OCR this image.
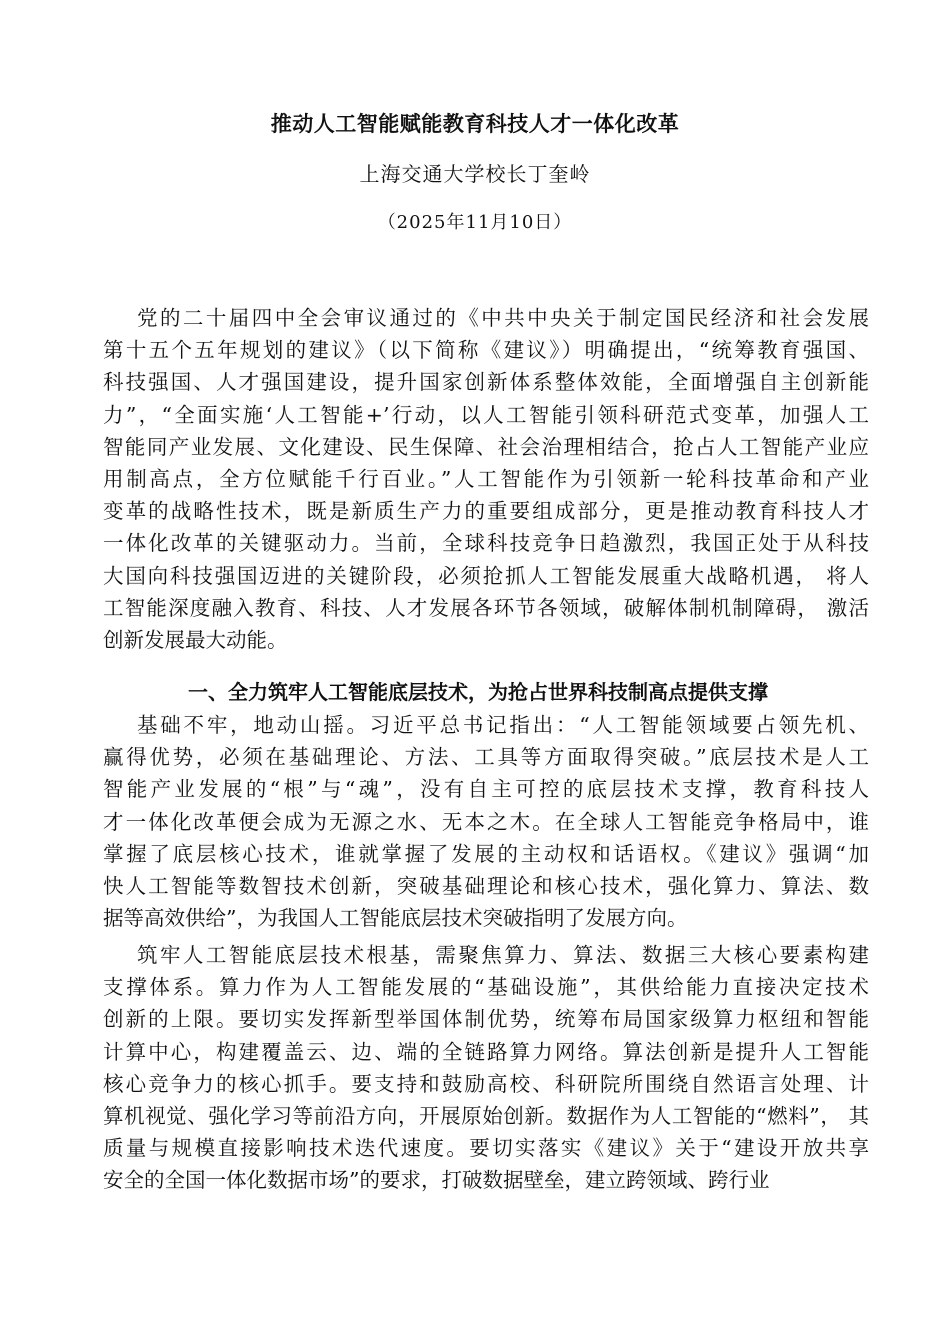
推动人工智能赋能教育科技人才一体化改革
上海交通大学校长丁奎岭
（2025年11月10日）
党的二十届四中全会审议通过的《中共中央关于制定国民经济和社会发展
第十五个五年规划的建议》（以下简称《建议》）明确提出，“统筹教育强国、
科技强国、人才强国建设，提升国家创新体系整体效能，全面增强自主创新能
力”，“全面实施‘人工智能+’行动，以人工智能引领科研范式变革，加强人工
智能同产业发展、文化建设、民生保障、社会治理相结合，抢占人工智能产业应
用制高点，全方位赋能千行百业。”人工智能作为引领新一轮科技革命和产业
变革的战略性技术，既是新质生产力的重要组成部分，更是推动教育科技人才
一体化改革的关键驱动力。当前，全球科技竞争日趋激烈，我国正处于从科技
大国向科技强国迈进的关键阶段，必须抢抓人工智能发展重大战略机遇， 将人
工智能深度融入教育、科技、人才发展各环节各领域，破解体制机制障碍， 激活
创新发展最大动能。
一、全力筑牢人工智能底层技术，为抢占世界科技制高点提供支撑
基础不牢，地动山摇。习近平总书记指出：“人工智能领域要占领先机、
赢得优势，必须在基础理论、方法、工具等方面取得突破。”底层技术是人工
智能产业发展的“根”与“魂”，没有自主可控的底层技术支撑，教育科技人
才一体化改革便会成为无源之水、无本之木。在全球人工智能竞争格局中，谁
掌握了底层核心技术，谁就掌握了发展的主动权和话语权。《建议》强调“加
快人工智能等数智技术创新，突破基础理论和核心技术，强化算力、算法、数
据等高效供给”，为我国人工智能底层技术突破指明了发展方向。
筑牢人工智能底层技术根基，需聚焦算力、算法、数据三大核心要素构建
支撑体系。算力作为人工智能发展的“基础设施”，其供给能力直接决定技术
创新的上限。要切实发挥新型举国体制优势，统筹布局国家级算力枢纽和智能
计算中心，构建覆盖云、边、端的全链路算力网络。算法创新是提升人工智能
核心竞争力的核心抓手。要支持和鼓励高校、科研院所围绕自然语言处理、计
算机视觉、强化学习等前沿方向，开展原始创新。数据作为人工智能的“燃料”， 其
质量与规模直接影响技术迭代速度。要切实落实《建议》关于“建设开放共享
安全的全国一体化数据市场”的要求，打破数据壁垒，建立跨领域、跨行业
